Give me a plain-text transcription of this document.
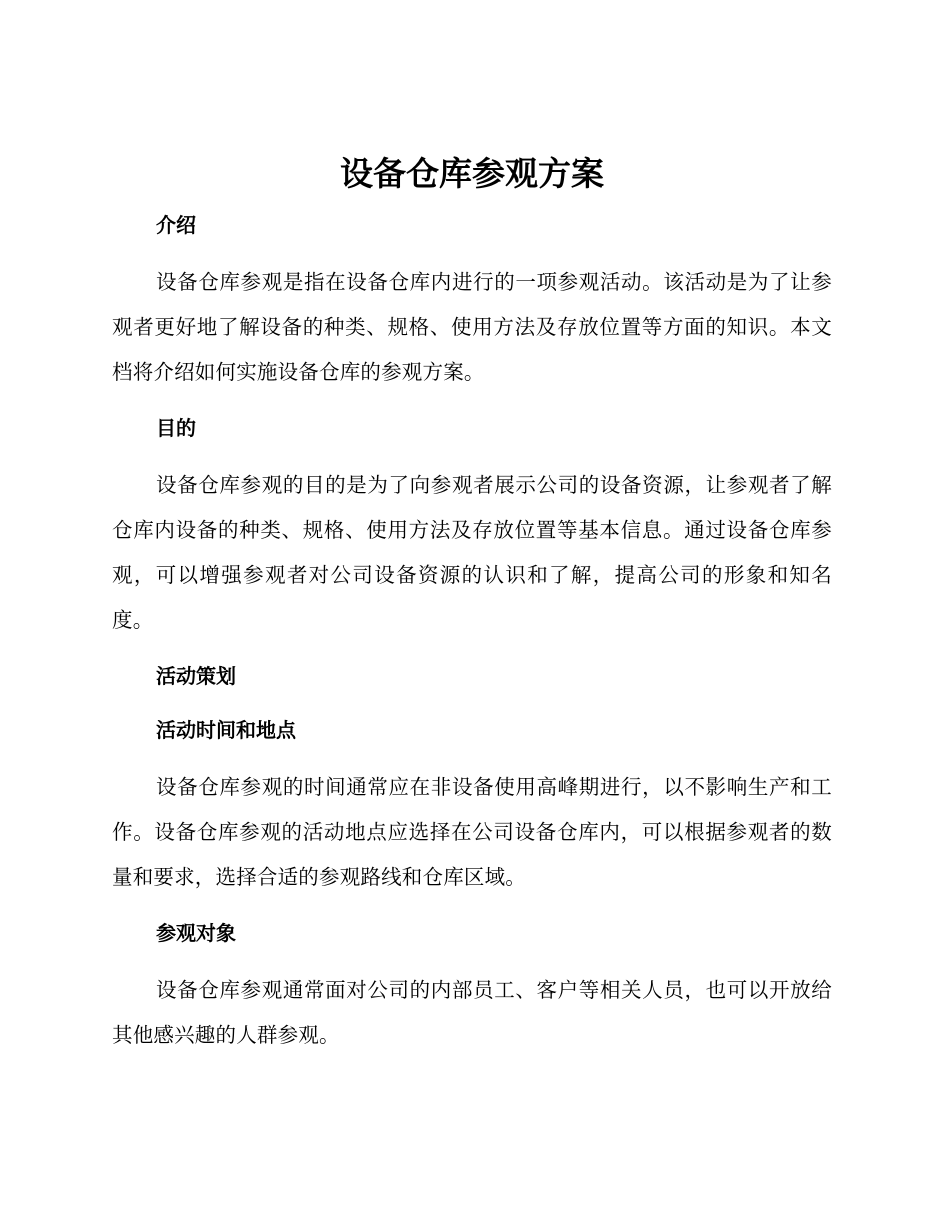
设备仓库参观方案
介绍

设备仓库参观是指在设备仓库内进行的一项参观活动。该活动是为了让参观者更好地了解设备的种类、规格、使用方法及存放位置等方面的知识。本文档将介绍如何实施设备仓库的参观方案。

目的

设备仓库参观的目的是为了向参观者展示公司的设备资源，让参观者了解仓库内设备的种类、规格、使用方法及存放位置等基本信息。通过设备仓库参观，可以增强参观者对公司设备资源的认识和了解，提高公司的形象和知名度。

活动策划
活动时间和地点

设备仓库参观的时间通常应在非设备使用高峰期进行，以不影响生产和工作。设备仓库参观的活动地点应选择在公司设备仓库内，可以根据参观者的数量和要求，选择合适的参观路线和仓库区域。

参观对象

设备仓库参观通常面对公司的内部员工、客户等相关人员，也可以开放给其他感兴趣的人群参观。
